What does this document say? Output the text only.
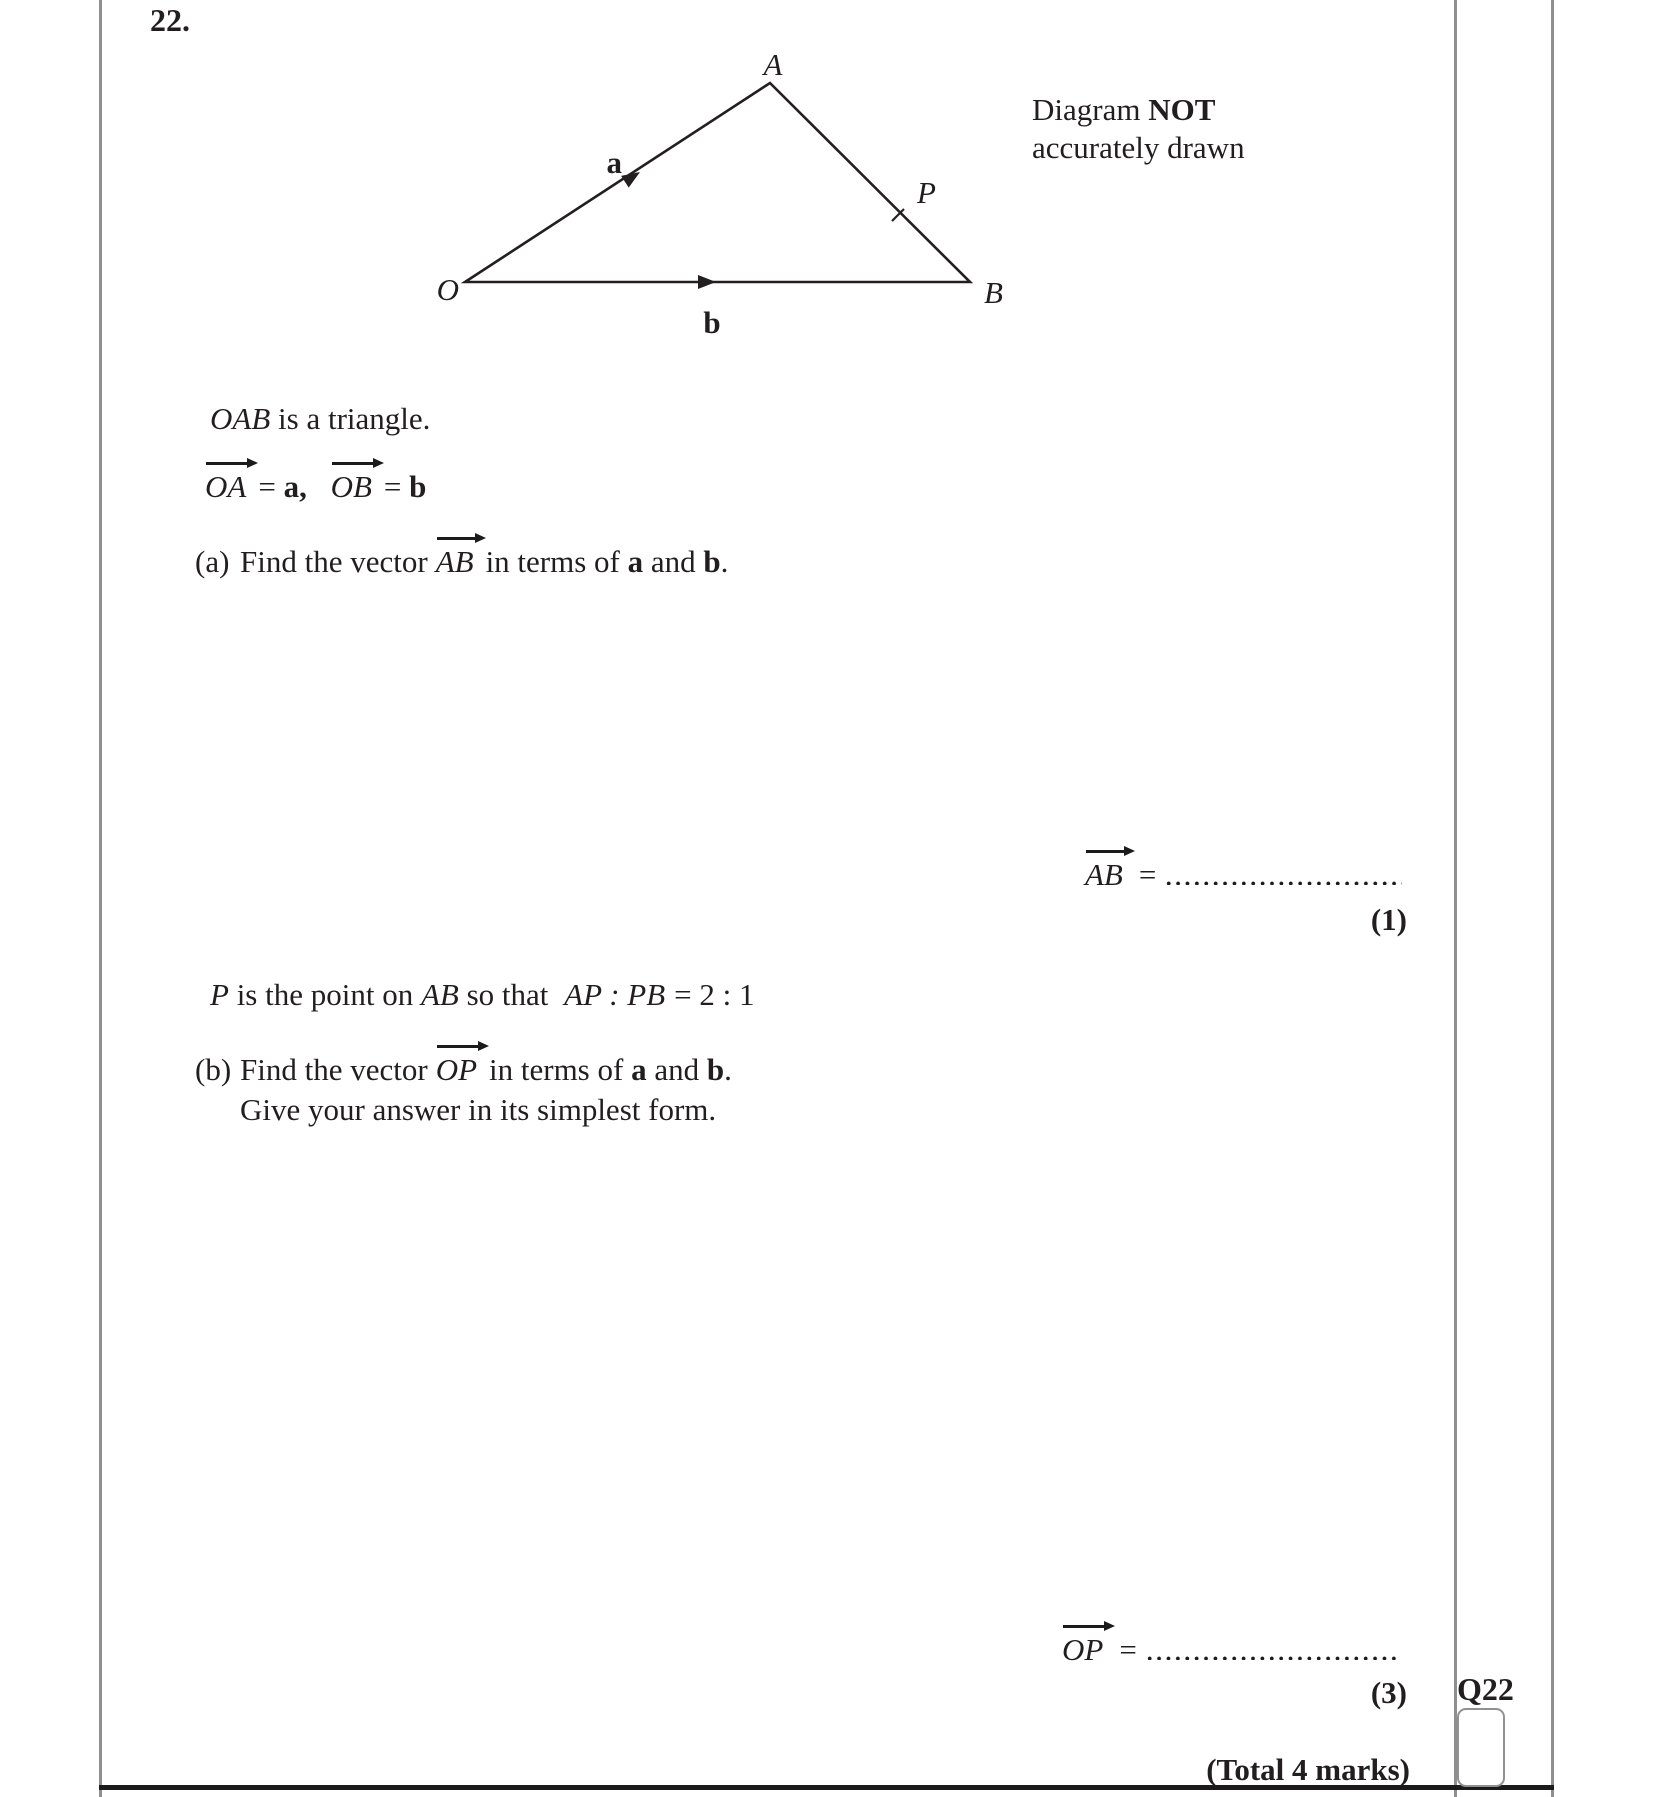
22.
A
O	B
P
a
b
Diagram NOT
accurately drawn
OAB is a triangle.
OA = a, OB = b
(a) Find the vector AB in terms of a and b.
AB =
(1)
P is the point on AB so that AP : PB = 2 : 1
(b) Find the vector OP in terms of a and b.
Give your answer in its simplest form.
OP =
(3) Q22
(Total 4 marks)
